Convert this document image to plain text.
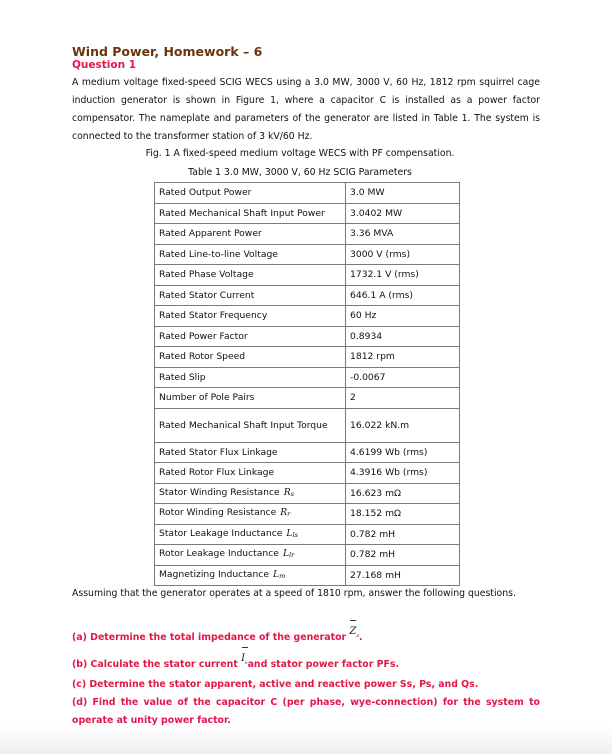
Wind Power, Homework – 6
Question 1
A medium voltage fixed-speed SCIG WECS using a 3.0 MW, 3000 V, 60 Hz, 1812 rpm squirrel cage induction generator is shown in Figure 1, where a capacitor C is installed as a power factor compensator. The nameplate and parameters of the generator are listed in Table 1. The system is connected to the transformer station of 3 kV/60 Hz.
Fig. 1 A fixed-speed medium voltage WECS with PF compensation.
Table 1 3.0 MW, 3000 V, 60 Hz SCIG Parameters
Rated Output Power	3.0 MW
Rated Mechanical Shaft Input Power	3.0402 MW
Rated Apparent Power	3.36 MVA
Rated Line-to-line Voltage	3000 V (rms)
Rated Phase Voltage	1732.1 V (rms)
Rated Stator Current	646.1 A (rms)
Rated Stator Frequency	60 Hz
Rated Power Factor	0.8934
Rated Rotor Speed	1812 rpm
Rated Slip	-0.0067
Number of Pole Pairs	2
Rated Mechanical Shaft Input Torque	16.022 kN.m
Rated Stator Flux Linkage	4.6199 Wb (rms)
Rated Rotor Flux Linkage	4.3916 Wb (rms)
Stator Winding Resistance $R_s$	16.623 mΩ
Rotor Winding Resistance $R_r$	18.152 mΩ
Stator Leakage Inductance $L_{ls}$	0.782 mH
Rotor Leakage Inductance $L_{lr}$	0.782 mH
Magnetizing Inductance $L_m$	27.168 mH
Assuming that the generator operates at a speed of 1810 rpm, answer the following questions.
(a) Determine the total impedance of the generator
$Z_s$.
(b) Calculate the stator current
$I_sand$ stator power factor PFs.
(c) Determine the stator apparent, active and reactive power Ss, Ps, and Qs.
(d) Find the value of the capacitor C (per phase, wye-connection) for the system to operate at unity power factor.
